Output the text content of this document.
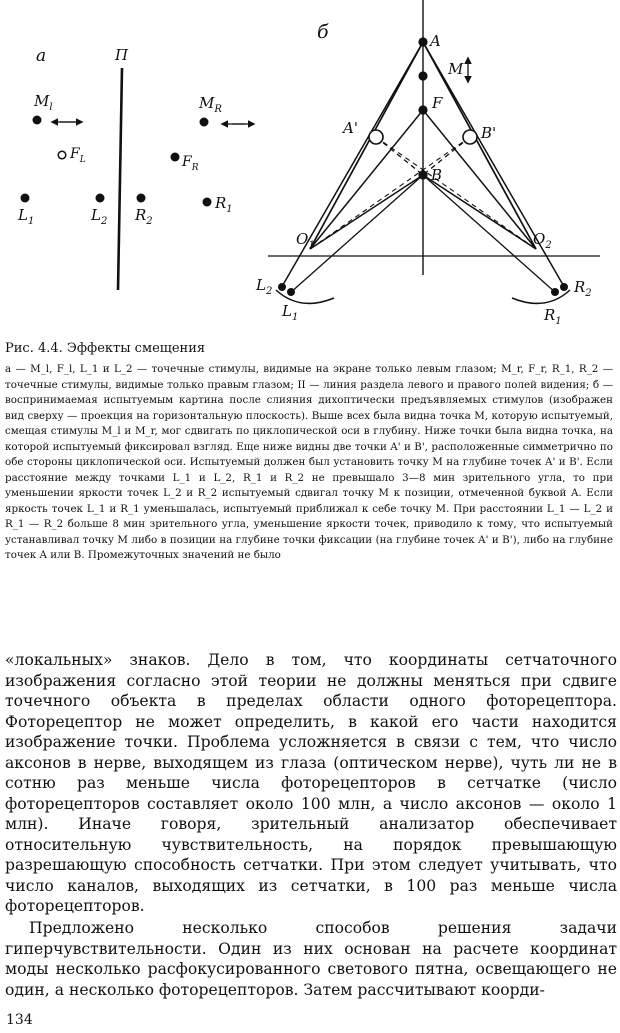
а	П
$M_l$
$F_L$
$L_1$	$L_2$
$M_R$
$F_R$
$R_2$
$R_1$
б	A
M
F
B
A'	B'
$O_1$	$O_2$
$L_2$
$L_1$
$R_2$
$R_1$

Рис. 4.4. Эффекты смещения

а — M_l, F_l, L_1 и L_2 — точечные стимулы, видимые на экране только левым глазом; M_r, F_r, R_1, R_2 — точечные стимулы, видимые только правым глазом; II — линия раздела левого и правого полей видения; б — воспринимаемая испытуемым картина после слияния дихоптически предъявляемых стимулов (изображен вид сверху — проекция на горизонтальную плоскость). Выше всех была видна точка M, которую испытуемый, смещая стимулы M_l и M_r, мог сдвигать по циклопической оси в глубину. Ниже точки была видна точка, на которой испытуемый фиксировал взгляд. Еще ниже видны две точки A' и B', расположенные симметрично по обе стороны циклопической оси. Испытуемый должен был установить точку M на глубине точек A' и B'. Если расстояние между точками L_1 и L_2, R_1 и R_2 не превышало 3—8 мин зрительного угла, то при уменьшении яркости точек L_2 и R_2 испытуемый сдвигал точку M к позиции, отмеченной буквой A. Если яркость точек L_1 и R_1 уменьшалась, испытуемый приближал к себе точку M. При расстоянии L_1 — L_2 и R_1 — R_2 больше 8 мин зрительного угла, уменьшение яркости точек, приводило к тому, что испытуемый устанавливал точку M либо в позиции на глубине точки фиксации (на глубине точек A' и B'), либо на глубине точек A или B. Промежуточных значений не было

«локальных» знаков. Дело в том, что координаты сетчаточного изображения согласно этой теории не должны меняться при сдвиге точечного объекта в пределах области одного фоторецептора. Фоторецептор не может определить, в какой его части находится изображение точки. Проблема усложняется в связи с тем, что число аксонов в нерве, выходящем из глаза (оптическом нерве), чуть ли не в сотню раз меньше числа фоторецепторов в сетчатке (число фоторецепторов составляет около 100 млн, а число аксонов — около 1 млн). Иначе говоря, зрительный анализатор обеспечивает относительную чувствительность, на порядок превышающую разрешающую способность сетчатки. При этом следует учитывать, что число каналов, выходящих из сетчатки, в 100 раз меньше числа фоторецепторов.

Предложено несколько способов решения задачи гиперчувствительности. Один из них основан на расчете координат моды несколько расфокусированного светового пятна, освещающего не один, а несколько фоторецепторов. Затем рассчитывают коорди-

134
